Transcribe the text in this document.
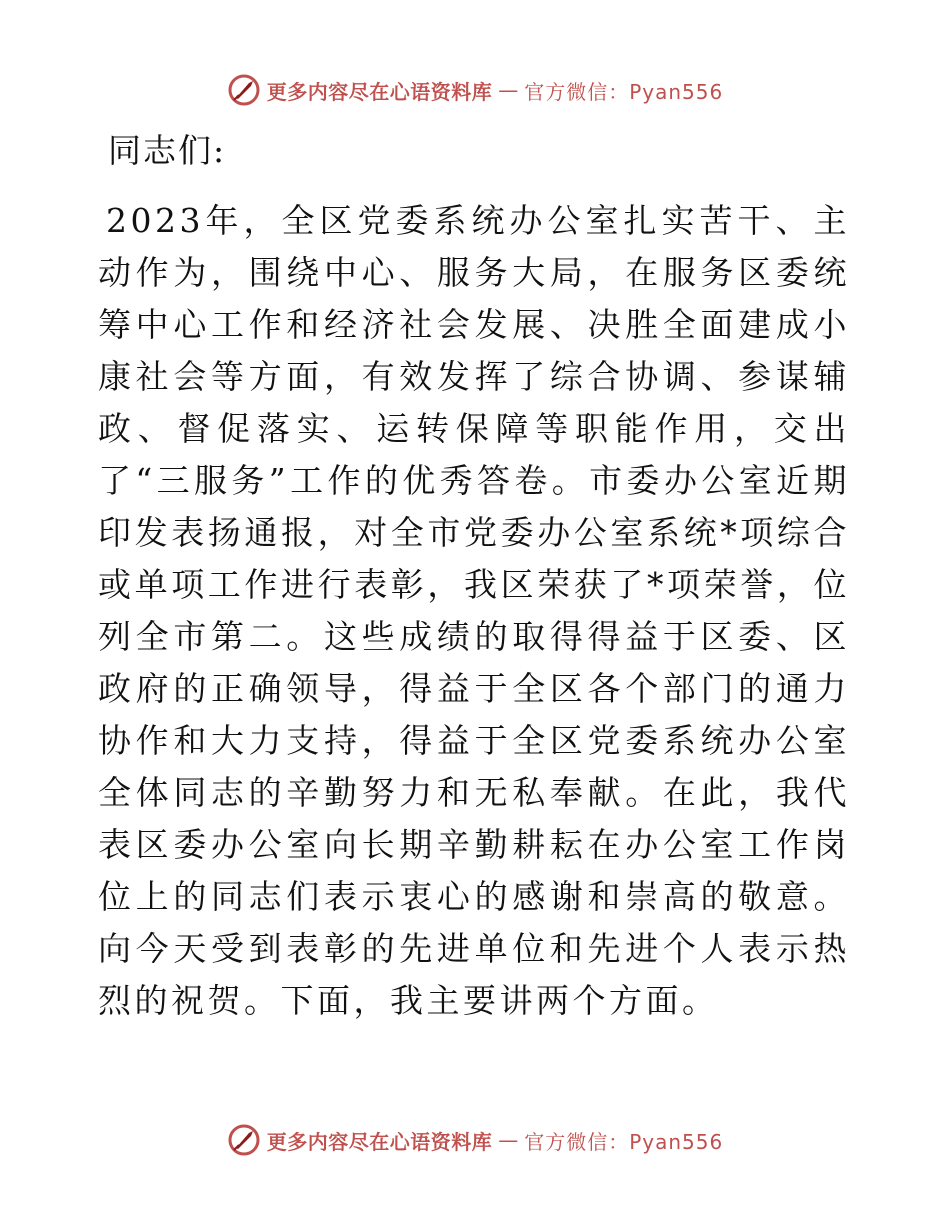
更多内容尽在心语资料库 — 官方微信：Pyan556

同志们:

2023年，全区党委系统办公室扎实苦干、主动作为，围绕中心、服务大局，在服务区委统筹中心工作和经济社会发展、决胜全面建成小康社会等方面，有效发挥了综合协调、参谋辅政、督促落实、运转保障等职能作用，交出了“三服务”工作的优秀答卷。市委办公室近期印发表扬通报，对全市党委办公室系统*项综合或单项工作进行表彰，我区荣获了*项荣誉，位列全市第二。这些成绩的取得得益于区委、区政府的正确领导，得益于全区各个部门的通力协作和大力支持，得益于全区党委系统办公室全体同志的辛勤努力和无私奉献。在此，我代表区委办公室向长期辛勤耕耘在办公室工作岗位上的同志们表示衷心的感谢和崇高的敬意。向今天受到表彰的先进单位和先进个人表示热烈的祝贺。下面，我主要讲两个方面。

更多内容尽在心语资料库 — 官方微信：Pyan556
